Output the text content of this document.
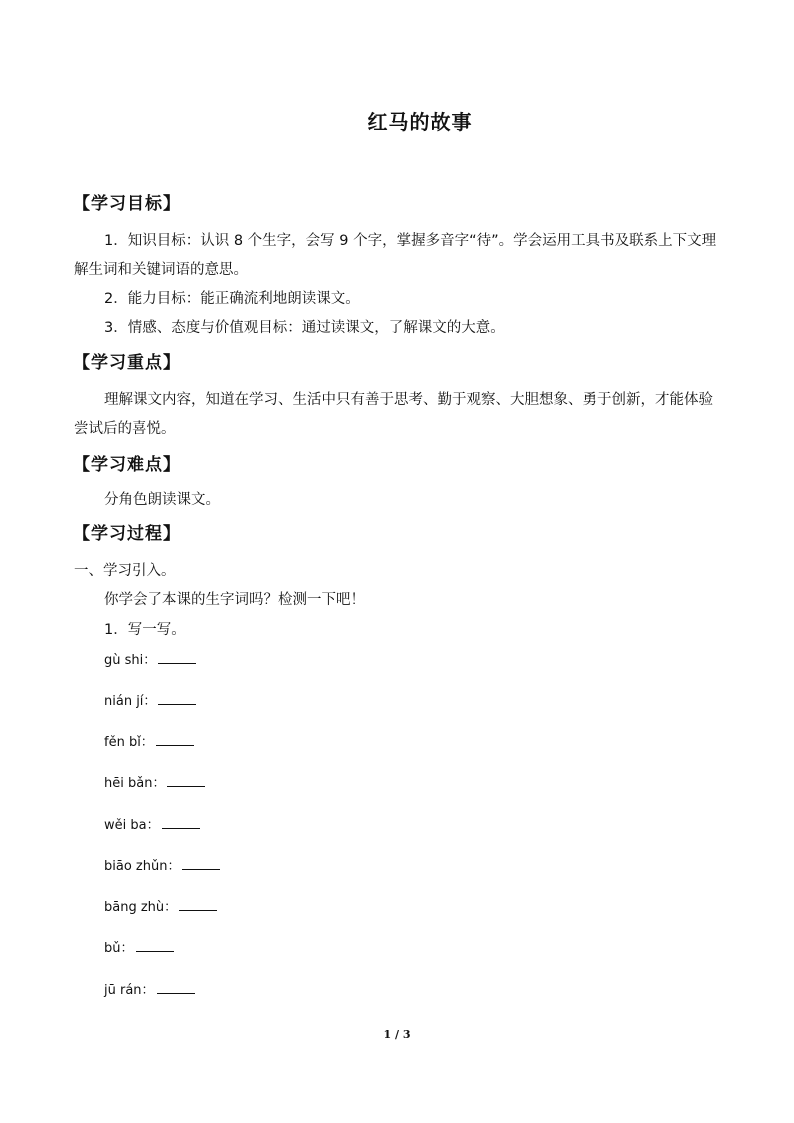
红马的故事
【学习目标】
1．知识目标：认识 8 个生字，会写 9 个字，掌握多音字“待”。学会运用工具书及联系上下文理解生词和关键词语的意思。
2．能力目标：能正确流利地朗读课文。
3．情感、态度与价值观目标：通过读课文，了解课文的大意。
【学习重点】
理解课文内容，知道在学习、生活中只有善于思考、勤于观察、大胆想象、勇于创新，才能体验尝试后的喜悦。
【学习难点】
分角色朗读课文。
【学习过程】
一、学习引入。
你学会了本课的生字词吗？检测一下吧！
1．写一写。
gù shi：
nián jí：
fěn bǐ：
hēi bǎn：
wěi ba：
biāo zhǔn：
bāng zhù：
bǔ：
jū rán：
1 / 3
